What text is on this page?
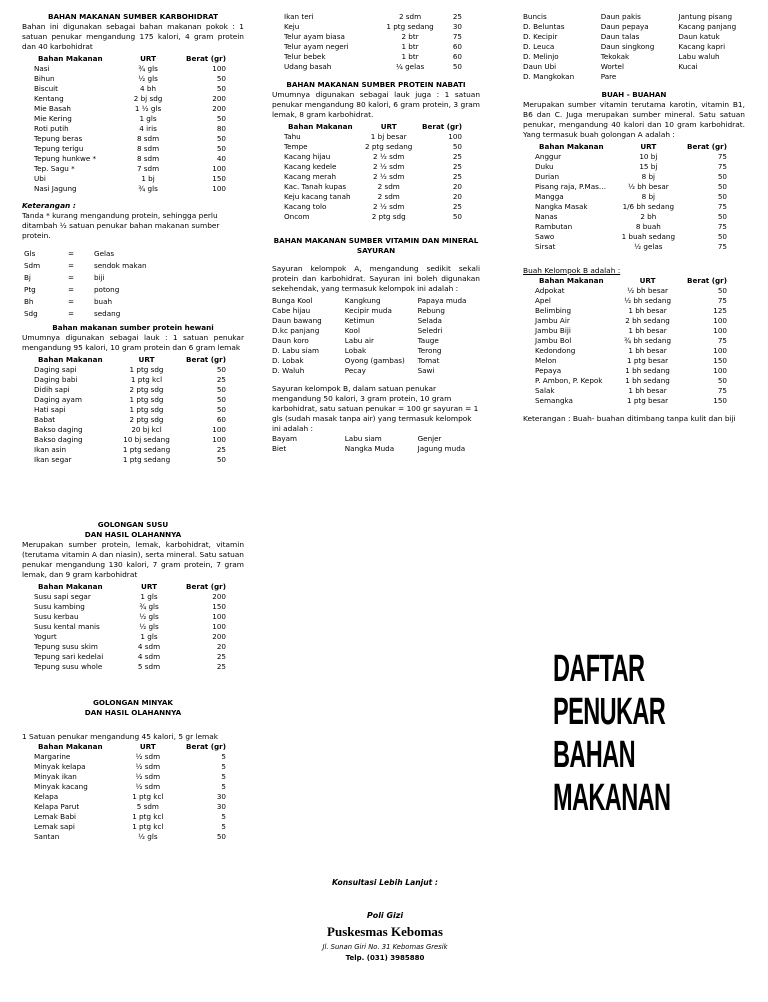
BAHAN MAKANAN SUMBER KARBOHIDRAT

Bahan ini digunakan sebagai bahan makanan pokok : 1 satuan penukar mengandung 175 kalori, 4 gram protein dan 40 karbohidrat

Bahan Makanan	URT	Berat (gr)
Nasi	¾ gls	100
Bihun	½ gls	50
Biscuit	4 bh	50
Kentang	2 bj sdg	200
Mie Basah	1 ½ gls	200
Mie Kering	1 gls	50
Roti putih	4 iris	80
Tepung beras	8 sdm	50
Tepung terigu	8 sdm	50
Tepung hunkwe *	8 sdm	40
Tep. Sagu *	7 sdm	100
Ubi	1 bj	150
Nasi Jagung	¾ gls	100
Keterangan :

Tanda * kurang mengandung protein, sehingga perlu ditambah ½ satuan penukar bahan makanan sumber protein.

Gls	=	Gelas
Sdm	=	sendok makan
Bj	=	biji
Ptg	=	potong
Bh	=	buah
Sdg	=	sedang
Bahan makanan sumber protein hewani

Umumnya digunakan sebagai lauk : 1 satuan penukar mengandung 95 kalori, 10 gram protein dan 6 gram lemak

Bahan Makanan	URT	Berat (gr)
Daging sapi	1 ptg sdg	50
Daging babi	1 ptg kcl	25
Didih sapi	2 ptg sdg	50
Daging ayam	1 ptg sdg	50
Hati sapi	1 ptg sdg	50
Babat	2 ptg sdg	60
Bakso daging	20 bj kcl	100
Bakso daging	10 bj sedang	100
Ikan asin	1 ptg sedang	25
Ikan segar	1 ptg sedang	50
Ikan teri	2 sdm	25
Keju	1 ptg sedang	30
Telur ayam biasa	2 btr	75
Telur ayam negeri	1 btr	60
Telur bebek	1 btr	60
Udang basah	¼ gelas	50
BAHAN MAKANAN SUMBER PROTEIN NABATI

Umumnya digunakan sebagai lauk juga : 1 satuan penukar mengandung 80 kalori, 6 gram protein, 3 gram lemak, 8 gram karbohidrat.

Bahan Makanan	URT	Berat (gr)
Tahu	1 bj besar	100
Tempe	2 ptg sedang	50
Kacang hijau	2 ½ sdm	25
Kacang kedele	2 ½ sdm	25
Kacang merah	2 ½ sdm	25
Kac. Tanah kupas	2 sdm	20
Keju kacang tanah	2 sdm	20
Kacang tolo	2 ½ sdm	25
Oncom	2 ptg sdg	50
BAHAN MAKANAN SUMBER VITAMIN DAN MINERAL
SAYURAN

Sayuran kelompok A, mengandung sedikit sekali protein dan karbohidrat. Sayuran ini boleh digunakan sekehendak, yang termasuk kelompok ini adalah :

Bunga Kool	Kangkung	Papaya muda
Cabe hijau	Kecipir muda	Rebung
Daun bawang	Ketimun	Selada
D.kc panjang	Kool	Seledri
Daun koro	Labu air	Tauge
D. Labu siam	Lobak	Terong
D. Lobak	Oyong (gambas)	Tomat
D. Waluh	Pecay	Sawi

Sayuran kelompok B, dalam satuan penukar mengandung 50 kalori, 3 gram protein, 10 gram karbohidrat, satu satuan penukar = 100 gr sayuran = 1 gls (sudah masak tanpa air) yang termasuk kelompok ini adalah :

Bayam	Labu siam	Genjer
Biet	Nangka Muda	Jagung muda
Buncis	Daun pakis	Jantung pisang
D. Beluntas	Daun pepaya	Kacang panjang
D. Kecipir	Daun talas	Daun katuk
D. Leuca	Daun singkong	Kacang kapri
D. Melinjo	Tekokak	Labu waluh
Daun Ubi	Wortel	Kucai
D. Mangkokan	Pare	
BUAH - BUAHAN

Merupakan sumber vitamin terutama karotin, vitamin B1, B6 dan C. Juga merupakan sumber mineral. Satu satuan penukar, mengandung 40 kalori dan 10 gram karbohidrat. Yang termasuk buah golongan A adalah :

Bahan Makanan	URT	Berat (gr)
Anggur	10 bj	75
Duku	15 bj	75
Durian	8 bj	50
Pisang raja, P.Mas…	½ bh besar	50
Mangga	8 bj	50
Nangka Masak	1/6 bh sedang	75
Nanas	2 bh	50
Rambutan	8 buah	75
Sawo	1 buah sedang	50
Sirsat	½ gelas	75
Buah Kelompok B adalah :
Bahan Makanan	URT	Berat (gr)
Adpokat	½ bh besar	50
Apel	½ bh sedang	75
Belimbing	1 bh besar	125
Jambu Air	2 bh sedang	100
Jambu Biji	1 bh besar	100
Jambu Bol	¾ bh sedang	75
Kedondong	1 bh besar	100
Melon	1 ptg besar	150
Pepaya	1 bh sedang	100
P. Ambon, P. Kepok	1 bh sedang	50
Salak	1 bh besar	75
Semangka	1 ptg besar	150

Keterangan : Buah- buahan ditimbang tanpa kulit dan biji

GOLONGAN SUSU
DAN HASIL OLAHANNYA

Merupakan sumber protein, lemak, karbohidrat, vitamin (terutama vitamin A dan niasin), serta mineral. Satu satuan penukar mengandung 130 kalori, 7 gram protein, 7 gram lemak, dan 9 gram karbohidrat

Bahan Makanan	URT	Berat (gr)
Susu sapi segar	1 gls	200
Susu kambing	¾ gls	150
Susu kerbau	½ gls	100
Susu kental manis	½ gls	100
Yogurt	1 gls	200
Tepung susu skim	4 sdm	20
Tepung sari kedelai	4 sdm	25
Tepung susu whole	5 sdm	25
GOLONGAN MINYAK
DAN HASIL OLAHANNYA

1 Satuan penukar mengandung 45 kalori, 5 gr lemak

Bahan Makanan	URT	Berat (gr)
Margarine	½ sdm	5
Minyak kelapa	½ sdm	5
Minyak ikan	½ sdm	5
Minyak kacang	½ sdm	5
Kelapa	1 ptg kcl	30
Kelapa Parut	5 sdm	30
Lemak Babi	1 ptg kcl	5
Lemak sapi	1 ptg kcl	5
Santan	½ gls	50
DAFTAR
PENUKAR
BAHAN MAKANAN
Konsultasi Lebih Lanjut :
Poli Gizi
Puskesmas Kebomas
Jl. Sunan Giri No. 31 Kebomas Gresik
Telp. (031) 3985880
